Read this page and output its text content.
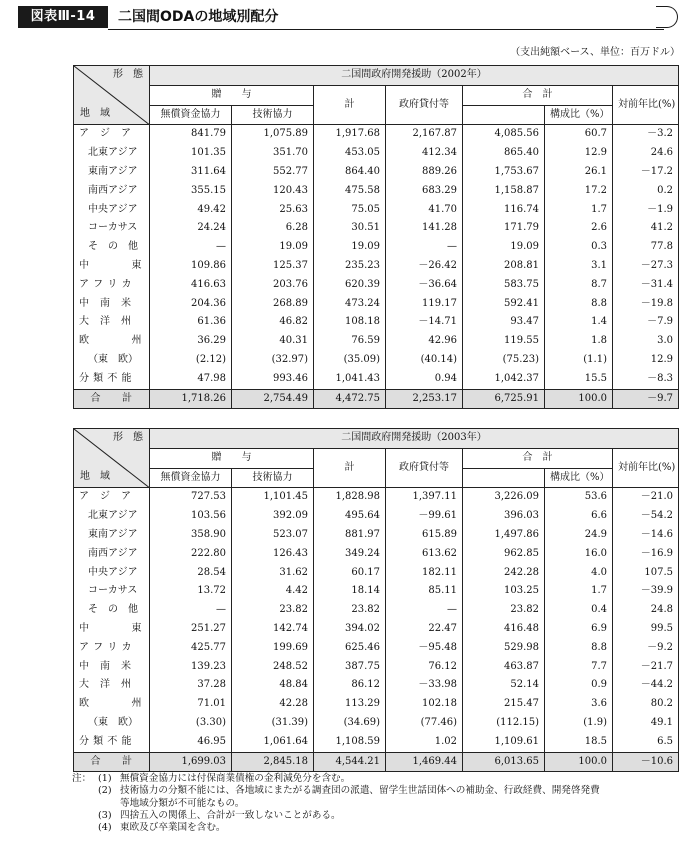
図表Ⅲ-14	二国間ODAの地域別配分
（支出純額ベース、単位：百万ドル）
形　態
地　域	二国間政府開発援助（2002年）						
	贈　　与		計	政府貸付等	合　計		対前年比(%)
	無償資金協力	技術協力				構成比（%）	
ア　ジ　ア	841.79	1,075.89	1,917.68	2,167.87	4,085.56	60.7	－3.2
北東アジア	101.35	351.70	453.05	412.34	865.40	12.9	24.6
東南アジア	311.64	552.77	864.40	889.26	1,753.67	26.1	－17.2
南西アジア	355.15	120.43	475.58	683.29	1,158.87	17.2	0.2
中央アジア	49.42	25.63	75.05	41.70	116.74	1.7	－1.9
コーカサス	24.24	6.28	30.51	141.28	171.79	2.6	41.2
そ　の　他	—	19.09	19.09	—	19.09	0.3	77.8
中　　　　東	109.86	125.37	235.23	－26.42	208.81	3.1	－27.3
ア フ リ カ	416.63	203.76	620.39	－36.64	583.75	8.7	－31.4
中　南　米	204.36	268.89	473.24	119.17	592.41	8.8	－19.8
大　洋　州	61.36	46.82	108.18	－14.71	93.47	1.4	－7.9
欧　　　　州	36.29	40.31	76.59	42.96	119.55	1.8	3.0
（東　欧）	(2.12)	(32.97)	(35.09)	(40.14)	(75.23)	(1.1)	12.9
分 類 不 能	47.98	993.46	1,041.43	0.94	1,042.37	15.5	－8.3
合　　計	1,718.26	2,754.49	4,472.75	2,253.17	6,725.91	100.0	－9.7
形　態
地　域	二国間政府開発援助（2003年）						
	贈　　与		計	政府貸付等	合　計		対前年比(%)
	無償資金協力	技術協力				構成比（%）	
ア　ジ　ア	727.53	1,101.45	1,828.98	1,397.11	3,226.09	53.6	－21.0
北東アジア	103.56	392.09	495.64	－99.61	396.03	6.6	－54.2
東南アジア	358.90	523.07	881.97	615.89	1,497.86	24.9	－14.6
南西アジア	222.80	126.43	349.24	613.62	962.85	16.0	－16.9
中央アジア	28.54	31.62	60.17	182.11	242.28	4.0	107.5
コーカサス	13.72	4.42	18.14	85.11	103.25	1.7	－39.9
そ　の　他	—	23.82	23.82	—	23.82	0.4	24.8
中　　　　東	251.27	142.74	394.02	22.47	416.48	6.9	99.5
ア フ リ カ	425.77	199.69	625.46	－95.48	529.98	8.8	－9.2
中　南　米	139.23	248.52	387.75	76.12	463.87	7.7	－21.7
大　洋　州	37.28	48.84	86.12	－33.98	52.14	0.9	－44.2
欧　　　　州	71.01	42.28	113.29	102.18	215.47	3.6	80.2
（東　欧）	(3.30)	(31.39)	(34.69)	(77.46)	(112.15)	(1.9)	49.1
分 類 不 能	46.95	1,061.64	1,108.59	1.02	1,109.61	18.5	6.5
合　　計	1,699.03	2,845.18	4,544.21	1,469.44	6,013.65	100.0	－10.6
注： (1) 無償資金協力には付保商業債権の金利減免分を含む。
(2) 技術協力の分類不能には、各地域にまたがる調査団の派遣、留学生世話団体への補助金、行政経費、開発啓発費
等地域分類が不可能なもの。
(3) 四捨五入の関係上、合計が一致しないことがある。
(4) 東欧及び卒業国を含む。
